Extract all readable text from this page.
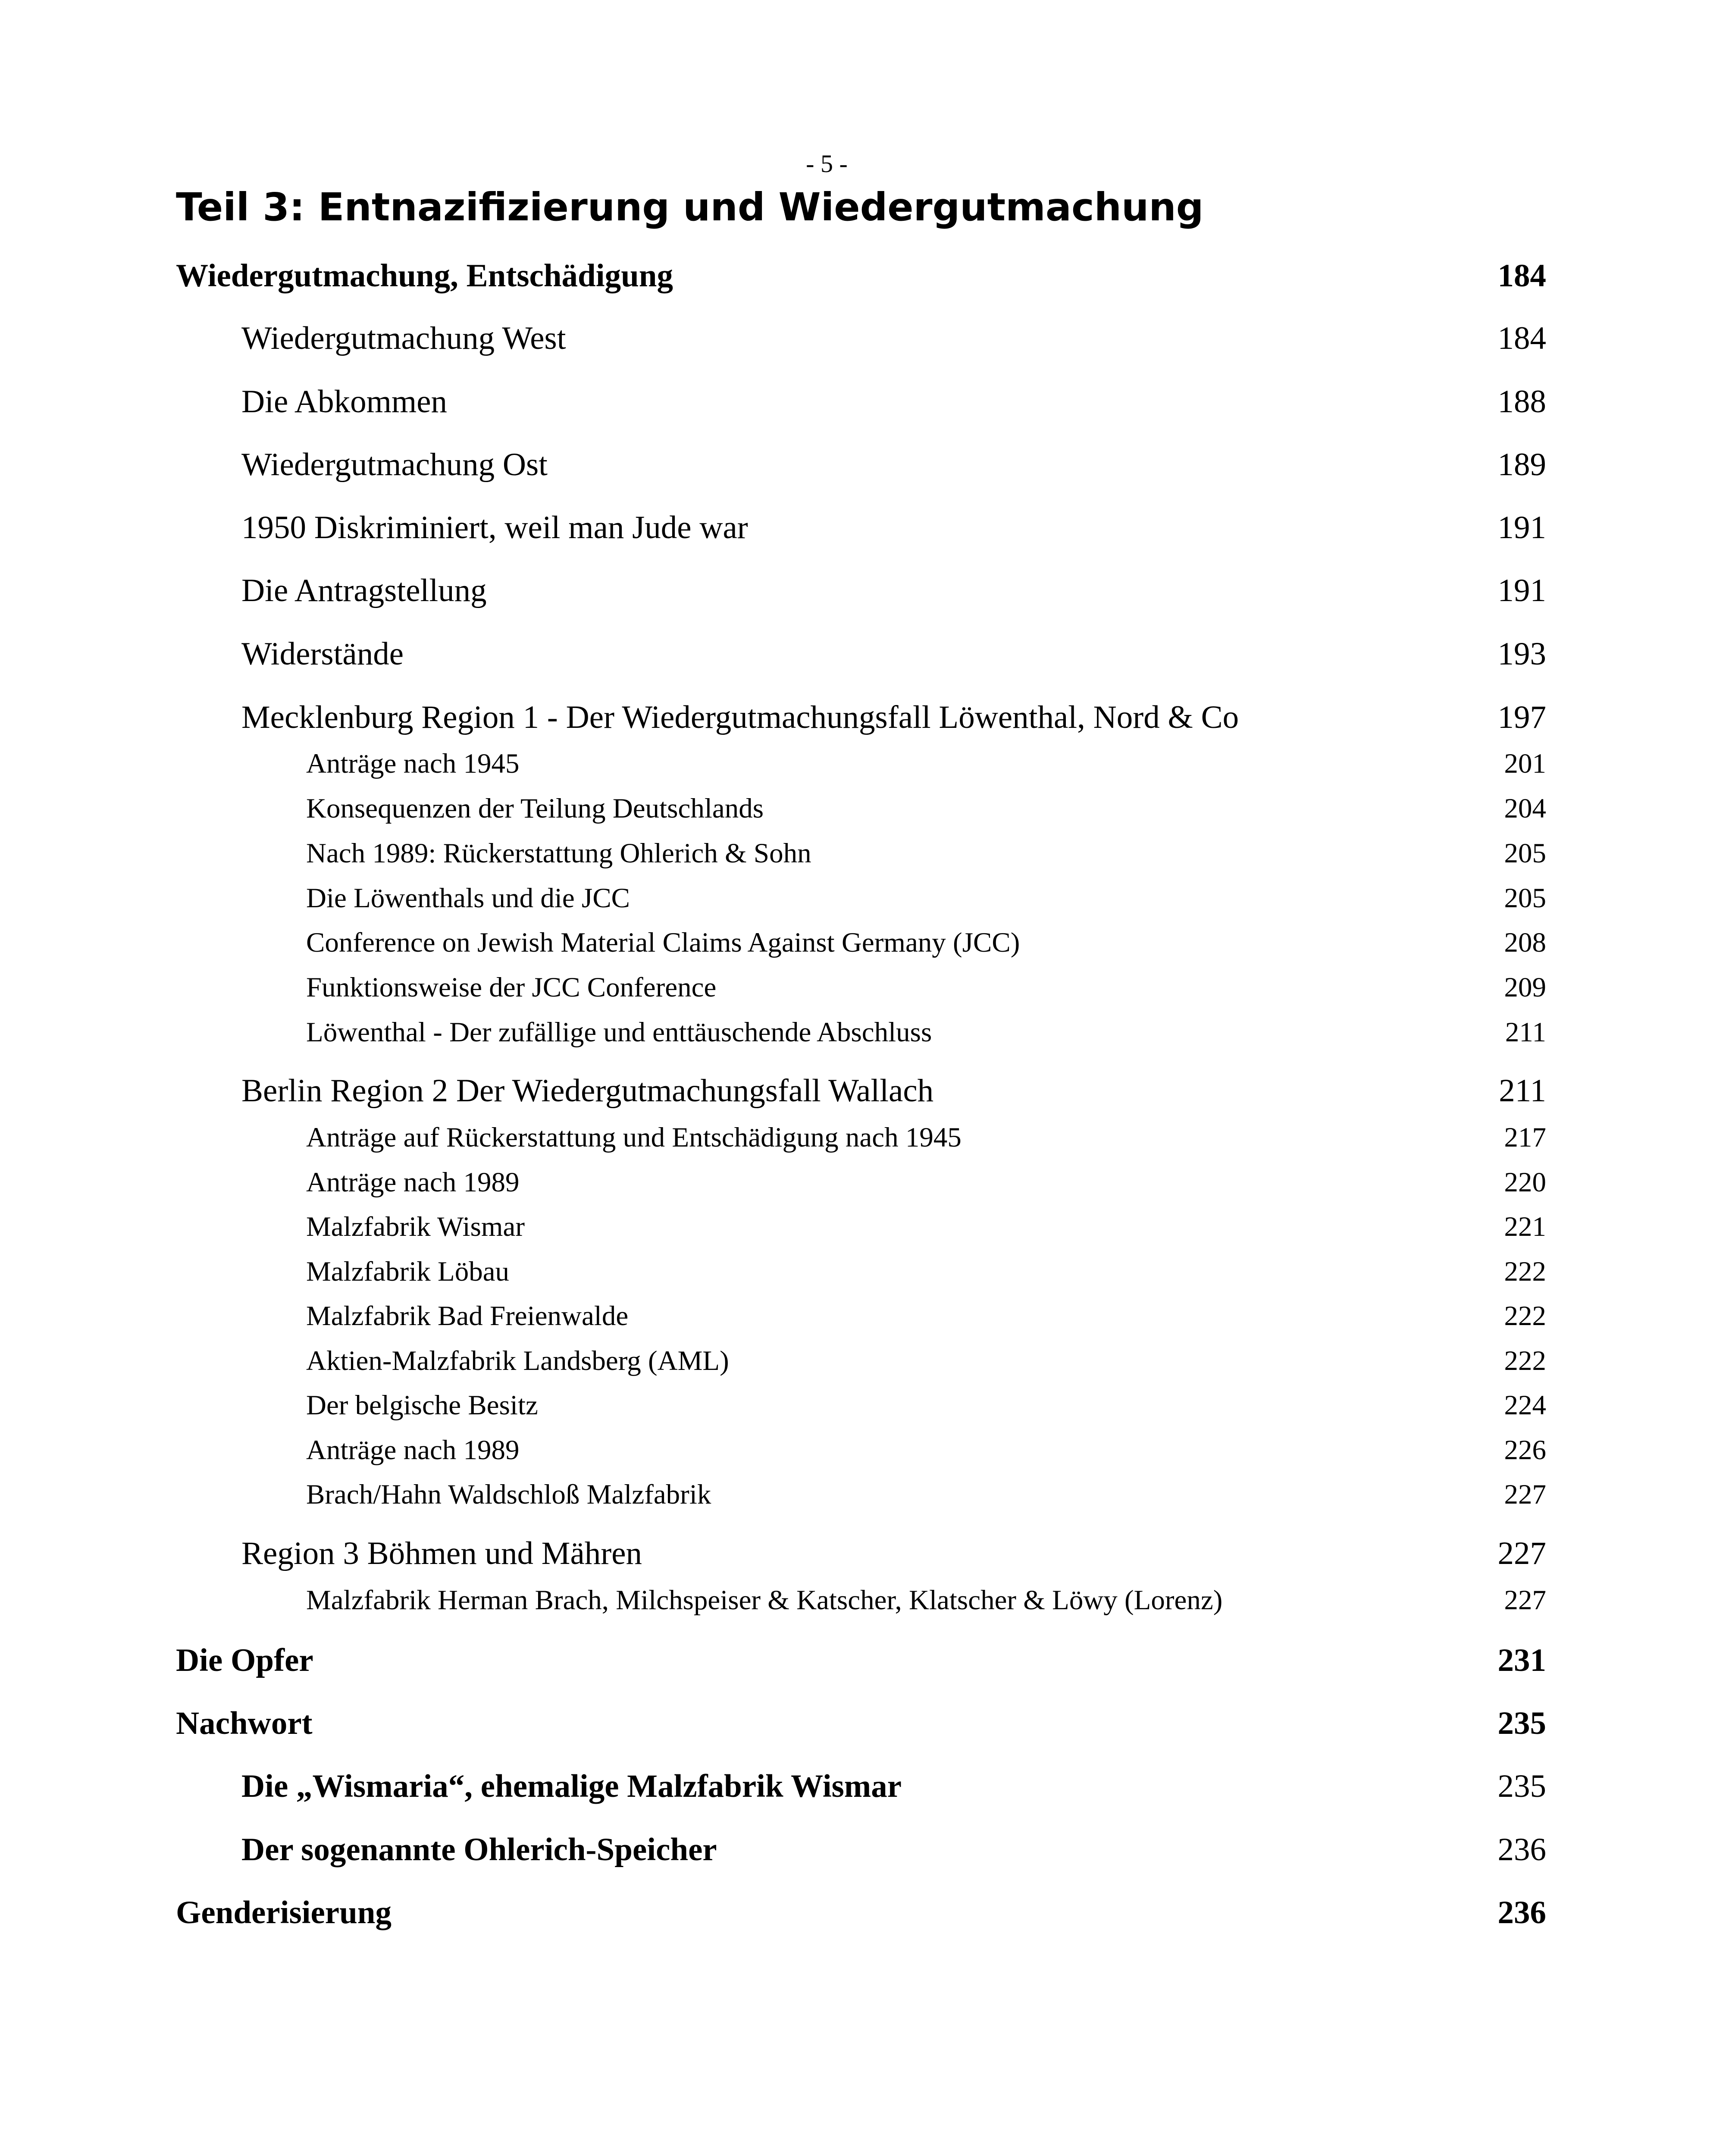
- 5 -
Teil 3: Entnazifizierung und Wiedergutmachung
Wiedergutmachung, Entschädigung	184
Wiedergutmachung West	184
Die Abkommen	188
Wiedergutmachung Ost	189
1950 Diskriminiert, weil man Jude war	191
Die Antragstellung	191
Widerstände	193
Mecklenburg Region 1 - Der Wiedergutmachungsfall Löwenthal, Nord & Co	197
Anträge nach 1945	201
Konsequenzen der Teilung Deutschlands	204
Nach 1989: Rückerstattung Ohlerich & Sohn	205
Die Löwenthals und die JCC	205
Conference on Jewish Material Claims Against Germany (JCC)	208
Funktionsweise der JCC Conference	209
Löwenthal - Der zufällige und enttäuschende Abschluss	211
Berlin Region 2 Der Wiedergutmachungsfall Wallach	211
Anträge auf Rückerstattung und Entschädigung nach 1945	217
Anträge nach 1989	220
Malzfabrik Wismar	221
Malzfabrik Löbau	222
Malzfabrik Bad Freienwalde	222
Aktien-Malzfabrik Landsberg (AML)	222
Der belgische Besitz	224
Anträge nach 1989	226
Brach/Hahn Waldschloß Malzfabrik	227
Region 3 Böhmen und Mähren	227
Malzfabrik Herman Brach, Milchspeiser & Katscher, Klatscher & Löwy (Lorenz)	227
Die Opfer	231
Nachwort	235
Die „Wismaria“, ehemalige Malzfabrik Wismar	235
Der sogenannte Ohlerich-Speicher	236
Genderisierung	236
